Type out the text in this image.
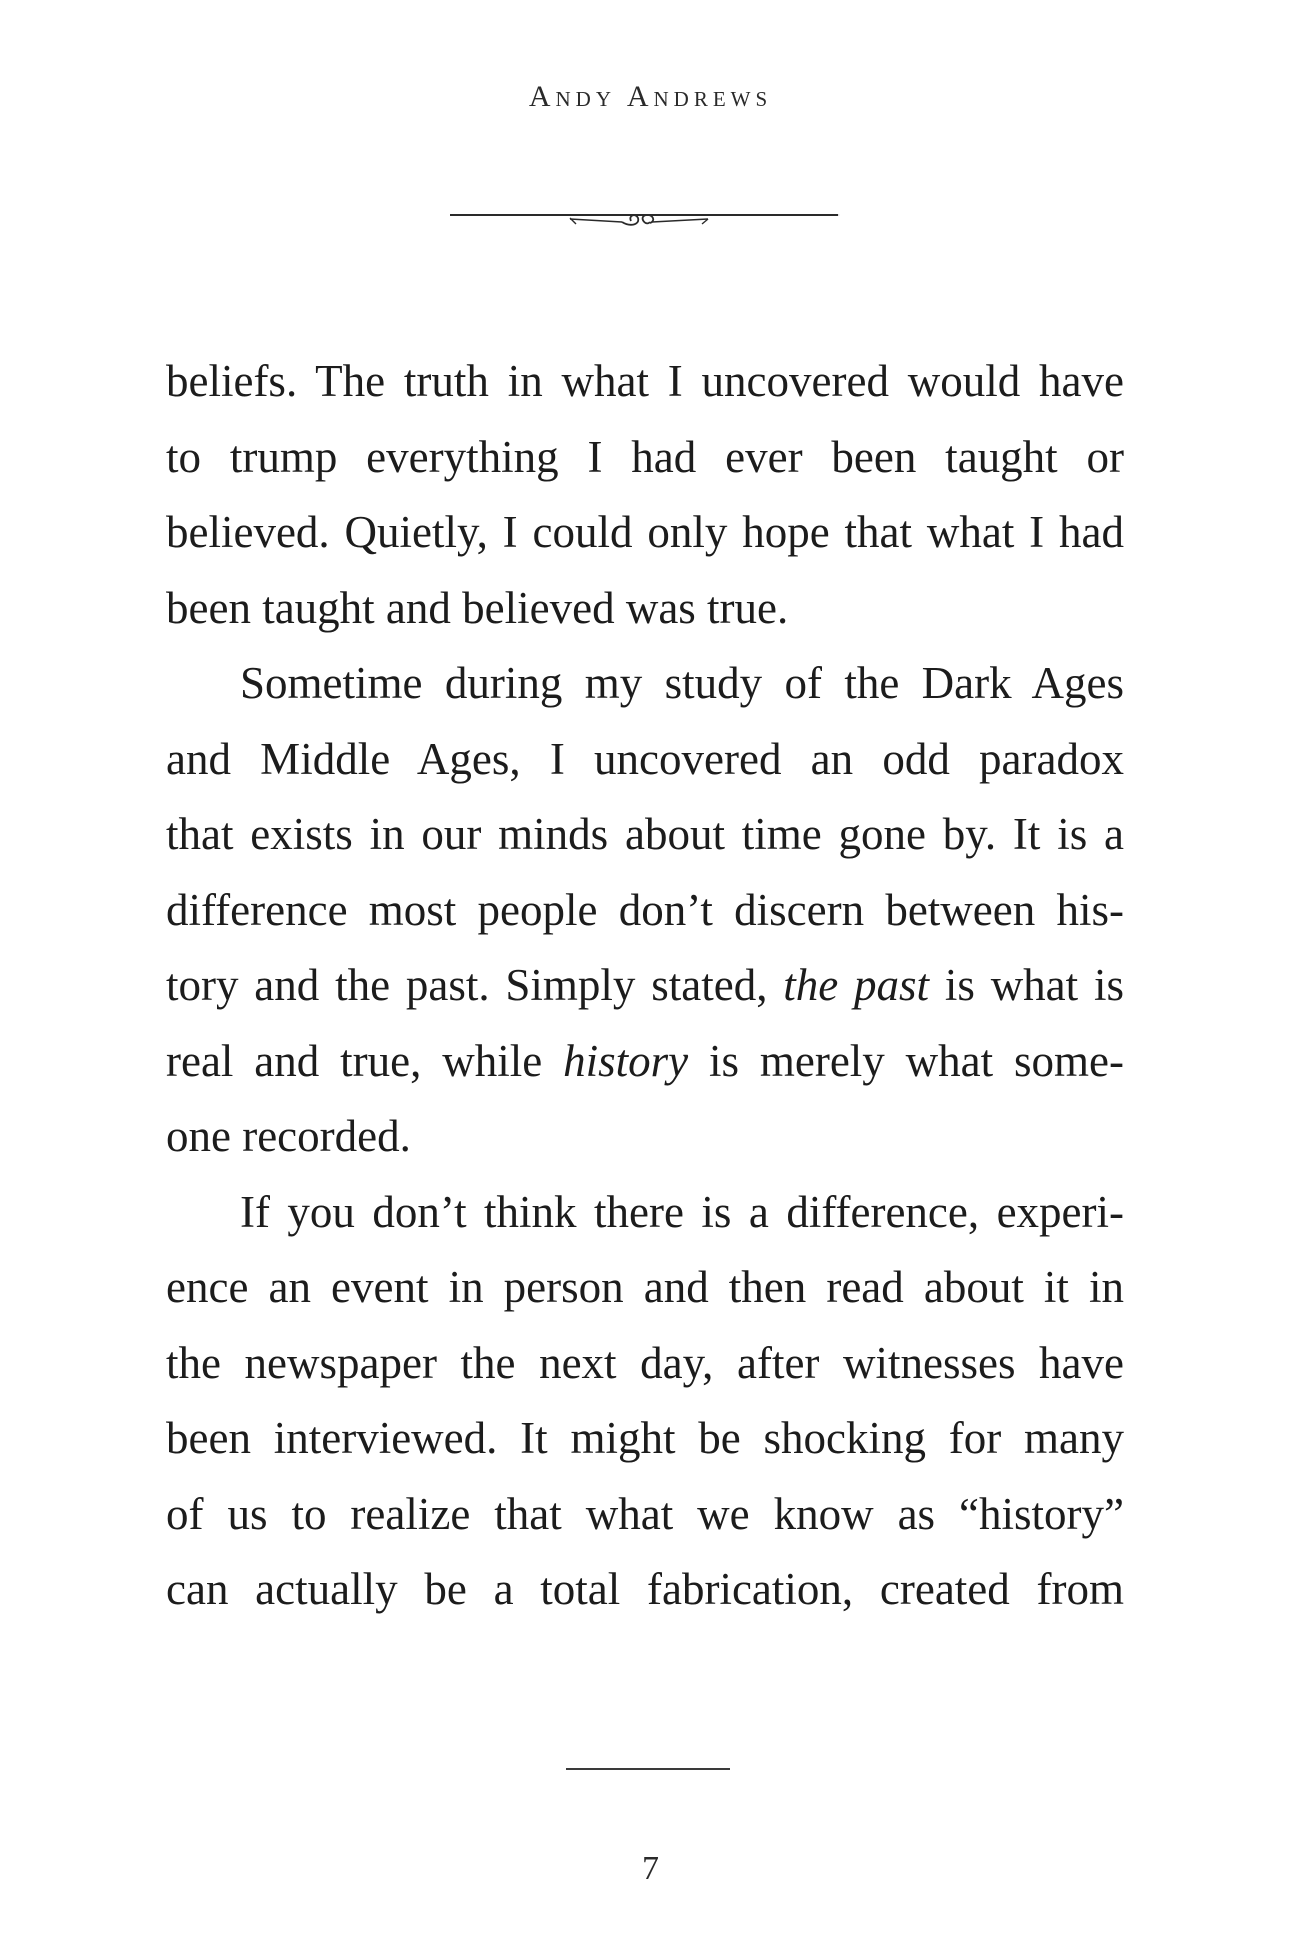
Andy Andrews

beliefs. The truth in what I uncovered would have
to trump everything I had ever been taught or
believed. Quietly, I could only hope that what I had
been taught and believed was true.

Sometime during my study of the Dark Ages
and Middle Ages, I uncovered an odd paradox
that exists in our minds about time gone by. It is a
difference most people don’t discern between his-
tory and the past. Simply stated, the past is what is
real and true, while history is merely what some-
one recorded.

If you don’t think there is a difference, experi-
ence an event in person and then read about it in
the newspaper the next day, after witnesses have
been interviewed. It might be shocking for many
of us to realize that what we know as “history”
can actually be a total fabrication, created from

7
